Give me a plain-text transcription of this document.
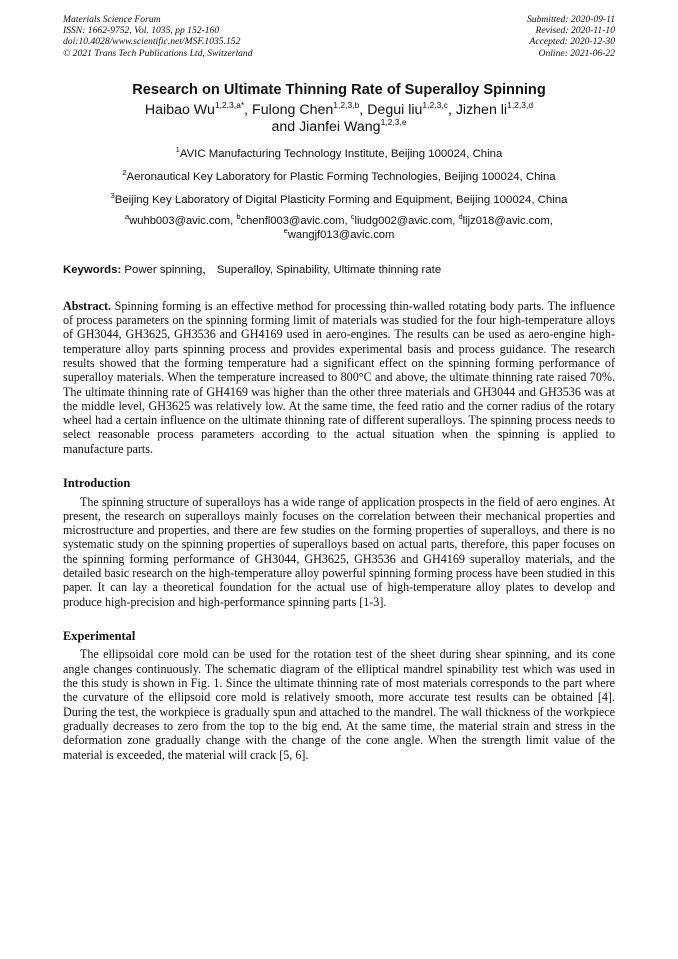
Materials Science Forum
ISSN: 1662-9752, Vol. 1035, pp 152-160
doi:10.4028/www.scientific.net/MSF.1035.152
© 2021 Trans Tech Publications Ltd, Switzerland
Submitted: 2020-09-11
Revised: 2020-11-10
Accepted: 2020-12-30
Online: 2021-06-22
Research on Ultimate Thinning Rate of Superalloy Spinning
Haibao $Wu^{1,2,3,a*}$, Fulong Chen$^{1,2,3,b}$, Degui liu$^{1,2,3,c}$, Jizhen li$^{1,2,3,d}$
and Jianfei Wang$^{1,2,3,e}$
$^1$AVIC Manufacturing Technology Institute, Beijing 100024, China
$^2$Aeronautical Key Laboratory for Plastic Forming Technologies, Beijing 100024, China
$^3$Beijing Key Laboratory of Digital Plasticity Forming and Equipment, Beijing 100024, China
$^a$wuhb003@avic.com, $^b$chenfl003@avic.com, $^c$liudg002@avic.com, $^d$lijz018@avic.com,
$^e$wangjf013@avic.com
Keywords: Power spinning， Superalloy, Spinability, Ultimate thinning rate
Abstract. Spinning forming is an effective method for processing thin-walled rotating body parts. The influence of process parameters on the spinning forming limit of materials was studied for the four high-temperature alloys of GH3044, GH3625, GH3536 and GH4169 used in aero-engines. The results can be used as aero-engine high-temperature alloy parts spinning process and provides experimental basis and process guidance. The research results showed that the forming temperature had a significant effect on the spinning forming performance of superalloy materials. When the temperature increased to 800°C and above, the ultimate thinning rate raised 70%. The ultimate thinning rate of GH4169 was higher than the other three materials and GH3044 and GH3536 was at the middle level, GH3625 was relatively low. At the same time, the feed ratio and the corner radius of the rotary wheel had a certain influence on the ultimate thinning rate of different superalloys. The spinning process needs to select reasonable process parameters according to the actual situation when the spinning is applied to manufacture parts.
Introduction

The spinning structure of superalloys has a wide range of application prospects in the field of aero engines. At present, the research on superalloys mainly focuses on the correlation between their mechanical properties and microstructure and properties, and there are few studies on the forming properties of superalloys, and there is no systematic study on the spinning properties of superalloys based on actual parts, therefore, this paper focuses on the spinning forming performance of GH3044, GH3625, GH3536 and GH4169 superalloy materials, and the detailed basic research on the high-temperature alloy powerful spinning forming process have been studied in this paper. It can lay a theoretical foundation for the actual use of high-temperature alloy plates to develop and produce high-precision and high-performance spinning parts [1-3].

Experimental

The ellipsoidal core mold can be used for the rotation test of the sheet during shear spinning, and its cone angle changes continuously. The schematic diagram of the elliptical mandrel spinability test which was used in the this study is shown in Fig. 1. Since the ultimate thinning rate of most materials corresponds to the part where the curvature of the ellipsoid core mold is relatively smooth, more accurate test results can be obtained [4]. During the test, the workpiece is gradually spun and attached to the mandrel. The wall thickness of the workpiece gradually decreases to zero from the top to the big end. At the same time, the material strain and stress in the deformation zone gradually change with the change of the cone angle. When the strength limit value of the material is exceeded, the material will crack [5, 6].
